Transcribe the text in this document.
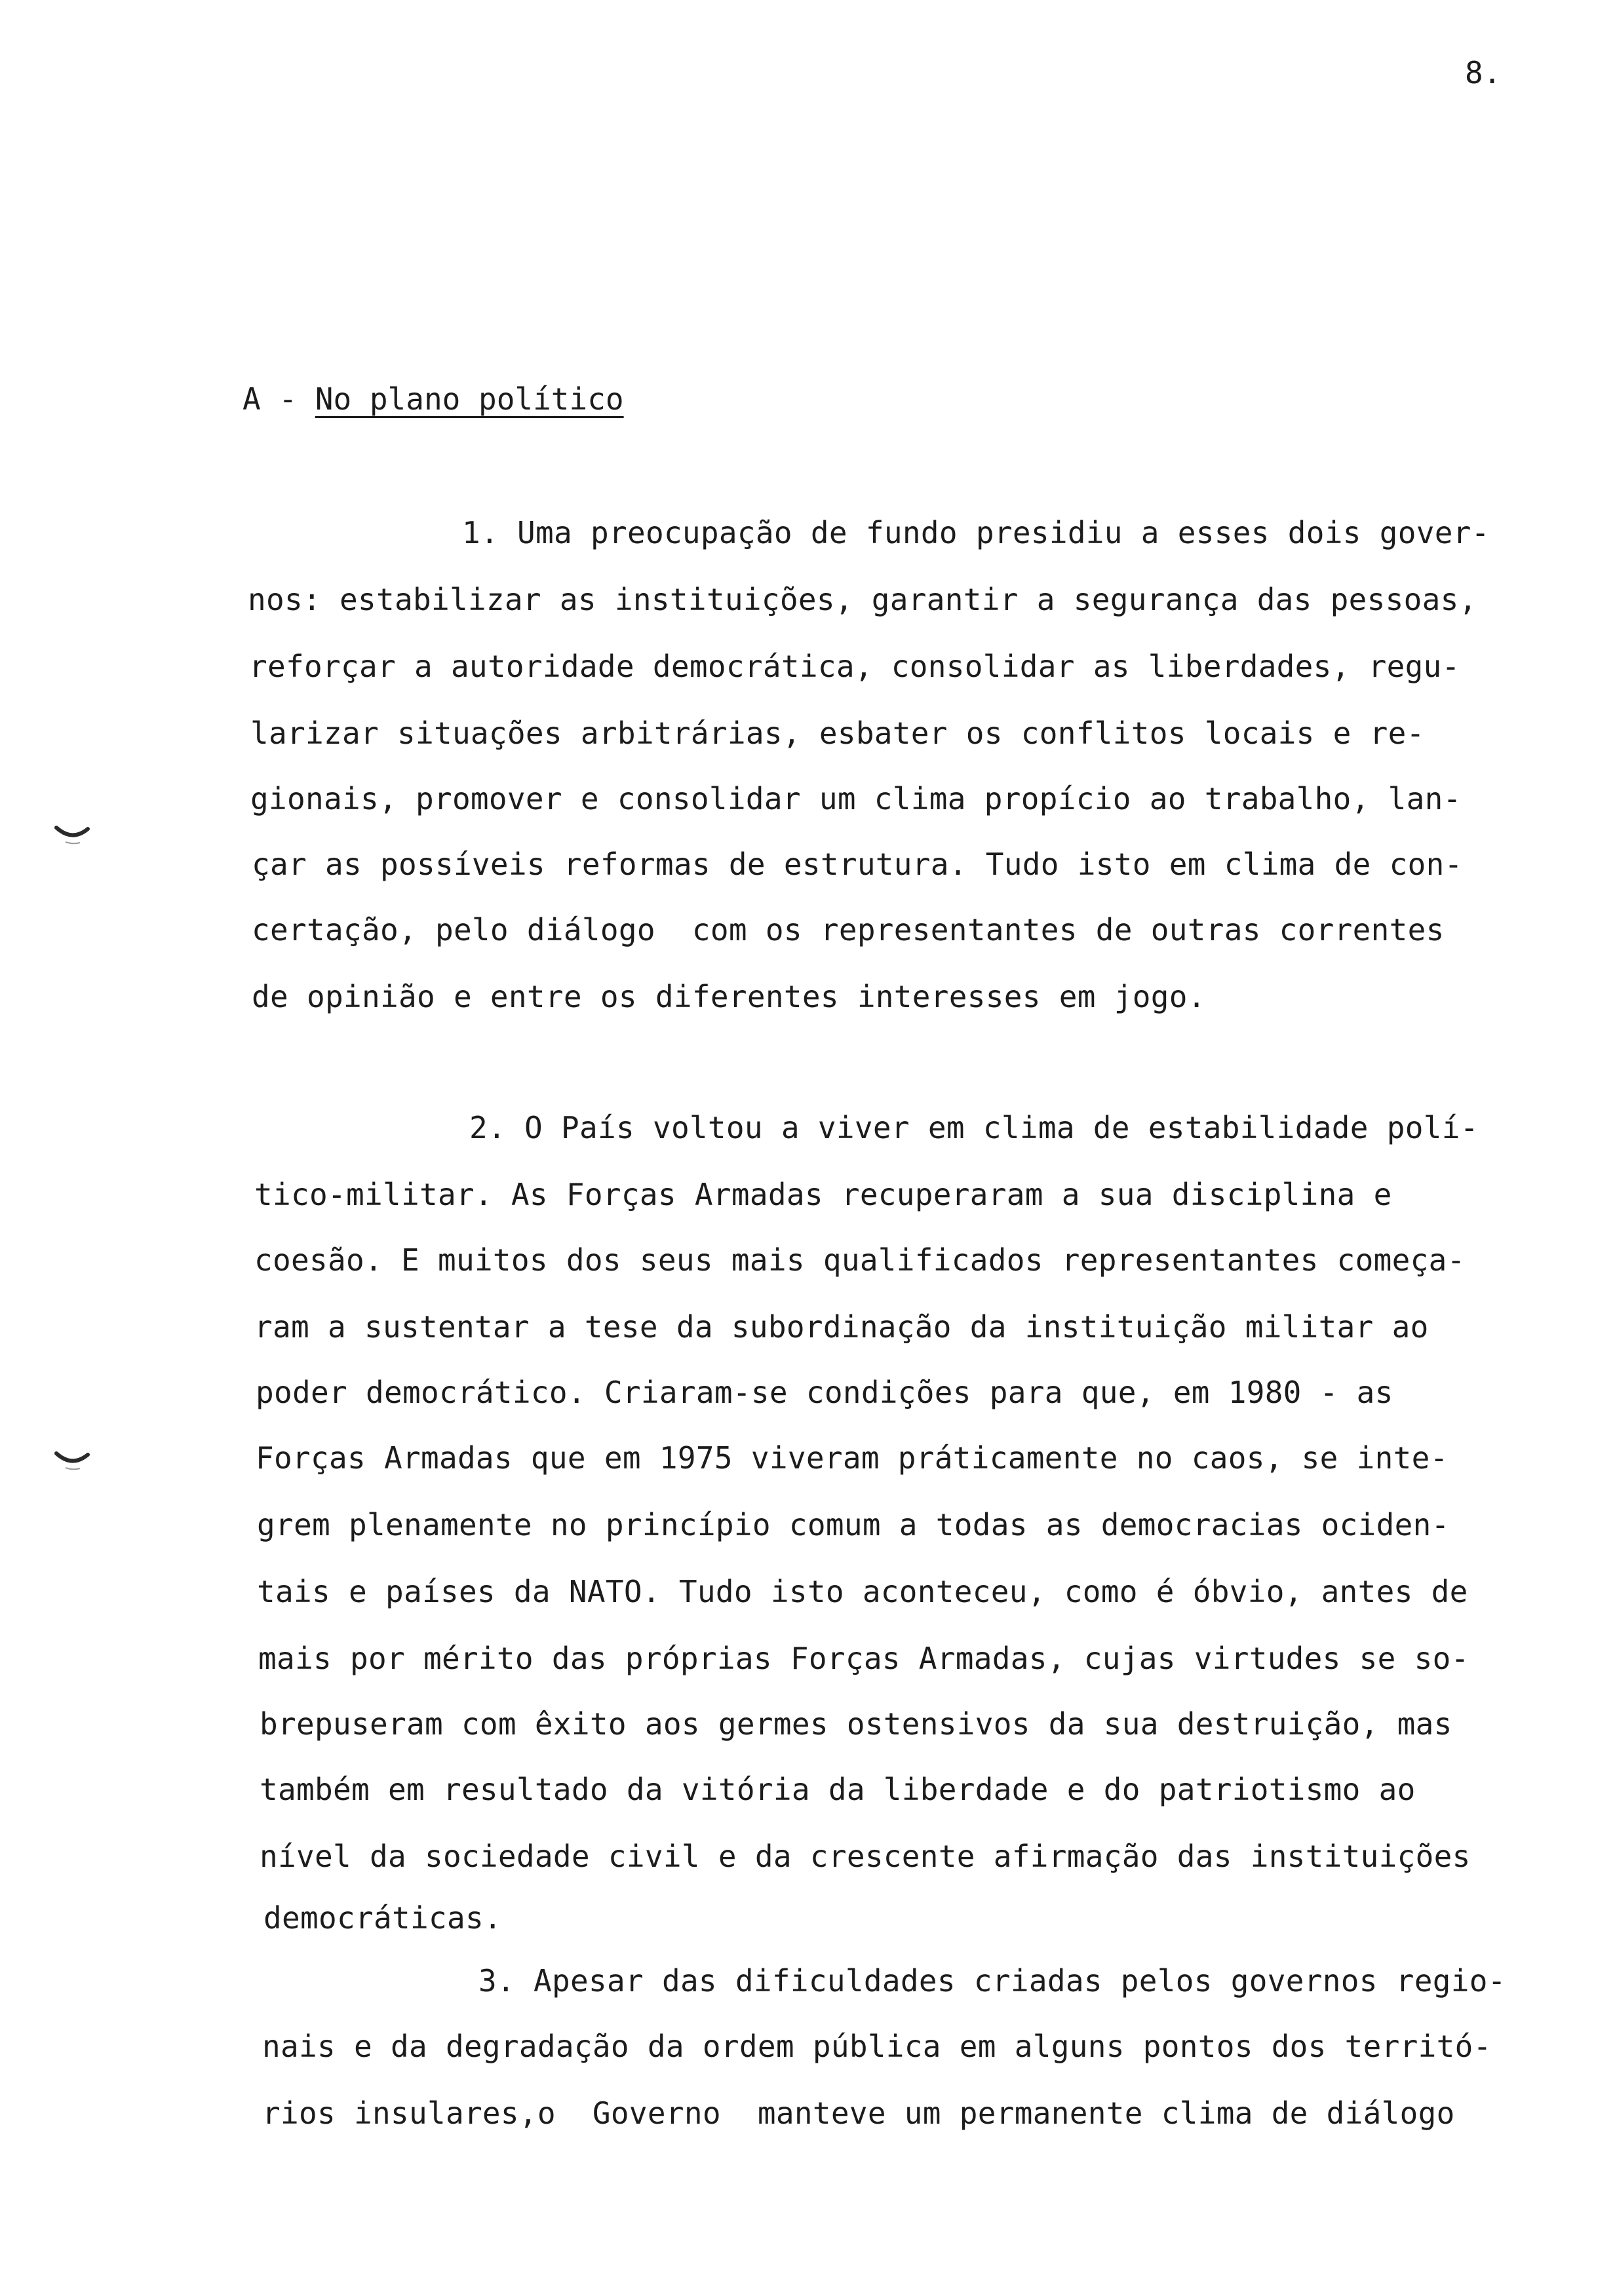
8.
A - No plano político
1. Uma preocupação de fundo presidiu a esses dois gover-
nos: estabilizar as instituições, garantir a segurança das pessoas,
reforçar a autoridade democrática, consolidar as liberdades, regu-
larizar situações arbitrárias, esbater os conflitos locais e re-
gionais, promover e consolidar um clima propício ao trabalho, lan-
çar as possíveis reformas de estrutura. Tudo isto em clima de con-
certação, pelo diálogo  com os representantes de outras correntes
de opinião e entre os diferentes interesses em jogo.
2. O País voltou a viver em clima de estabilidade polí-
tico-militar. As Forças Armadas recuperaram a sua disciplina e
coesão. E muitos dos seus mais qualificados representantes começa-
ram a sustentar a tese da subordinação da instituição militar ao
poder democrático. Criaram-se condições para que, em 1980 - as
Forças Armadas que em 1975 viveram práticamente no caos, se inte-
grem plenamente no princípio comum a todas as democracias ociden-
tais e países da NATO. Tudo isto aconteceu, como é óbvio, antes de
mais por mérito das próprias Forças Armadas, cujas virtudes se so-
brepuseram com êxito aos germes ostensivos da sua destruição, mas
também em resultado da vitória da liberdade e do patriotismo ao
nível da sociedade civil e da crescente afirmação das instituições
democráticas.
3. Apesar das dificuldades criadas pelos governos regio-
nais e da degradação da ordem pública em alguns pontos dos territó-
rios insulares,o  Governo  manteve um permanente clima de diálogo
